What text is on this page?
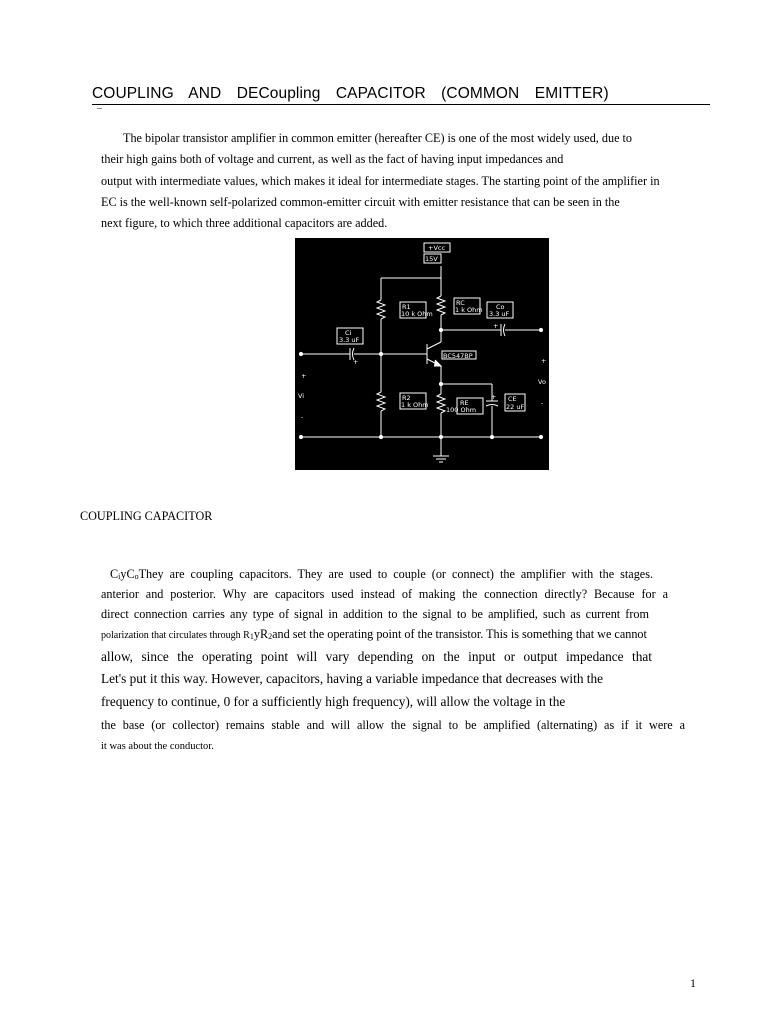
COUPLING AND DECoupling CAPACITOR (COMMON EMITTER)
The bipolar transistor amplifier in common emitter (hereafter CE) is one of the most widely used, due to
their high gains both of voltage and current, as well as the fact of having input impedances and
output with intermediate values, which makes it ideal for intermediate stages. The starting point of the amplifier in
EC is the well-known self-polarized common-emitter circuit with emitter resistance that can be seen in the
next figure, to which three additional capacitors are added.
+Vcc
15V
R1
10 k Ohm
RC
1 k Ohm Co
3.3 uF
+
Ci
3.3 uF
+
BC547BP
R2
1 k Ohm	RE
100 Ohm
CE
22 uF
+
Vi
+
-
Vo
+
-
COUPLING CAPACITOR
CiyCoThey are coupling capacitors. They are used to couple (or connect) the amplifier with the stages.
anterior and posterior. Why are capacitors used instead of making the connection directly? Because for a
direct connection carries any type of signal in addition to the signal to be amplified, such as current from
polarization that circulates through R1yR2and set the operating point of the transistor. This is something that we cannot
allow, since the operating point will vary depending on the input or output impedance that
Let's put it this way. However, capacitors, having a variable impedance that decreases with the
frequency to continue, 0 for a sufficiently high frequency), will allow the voltage in the
the base (or collector) remains stable and will allow the signal to be amplified (alternating) as if it were a
it was about the conductor.
1
